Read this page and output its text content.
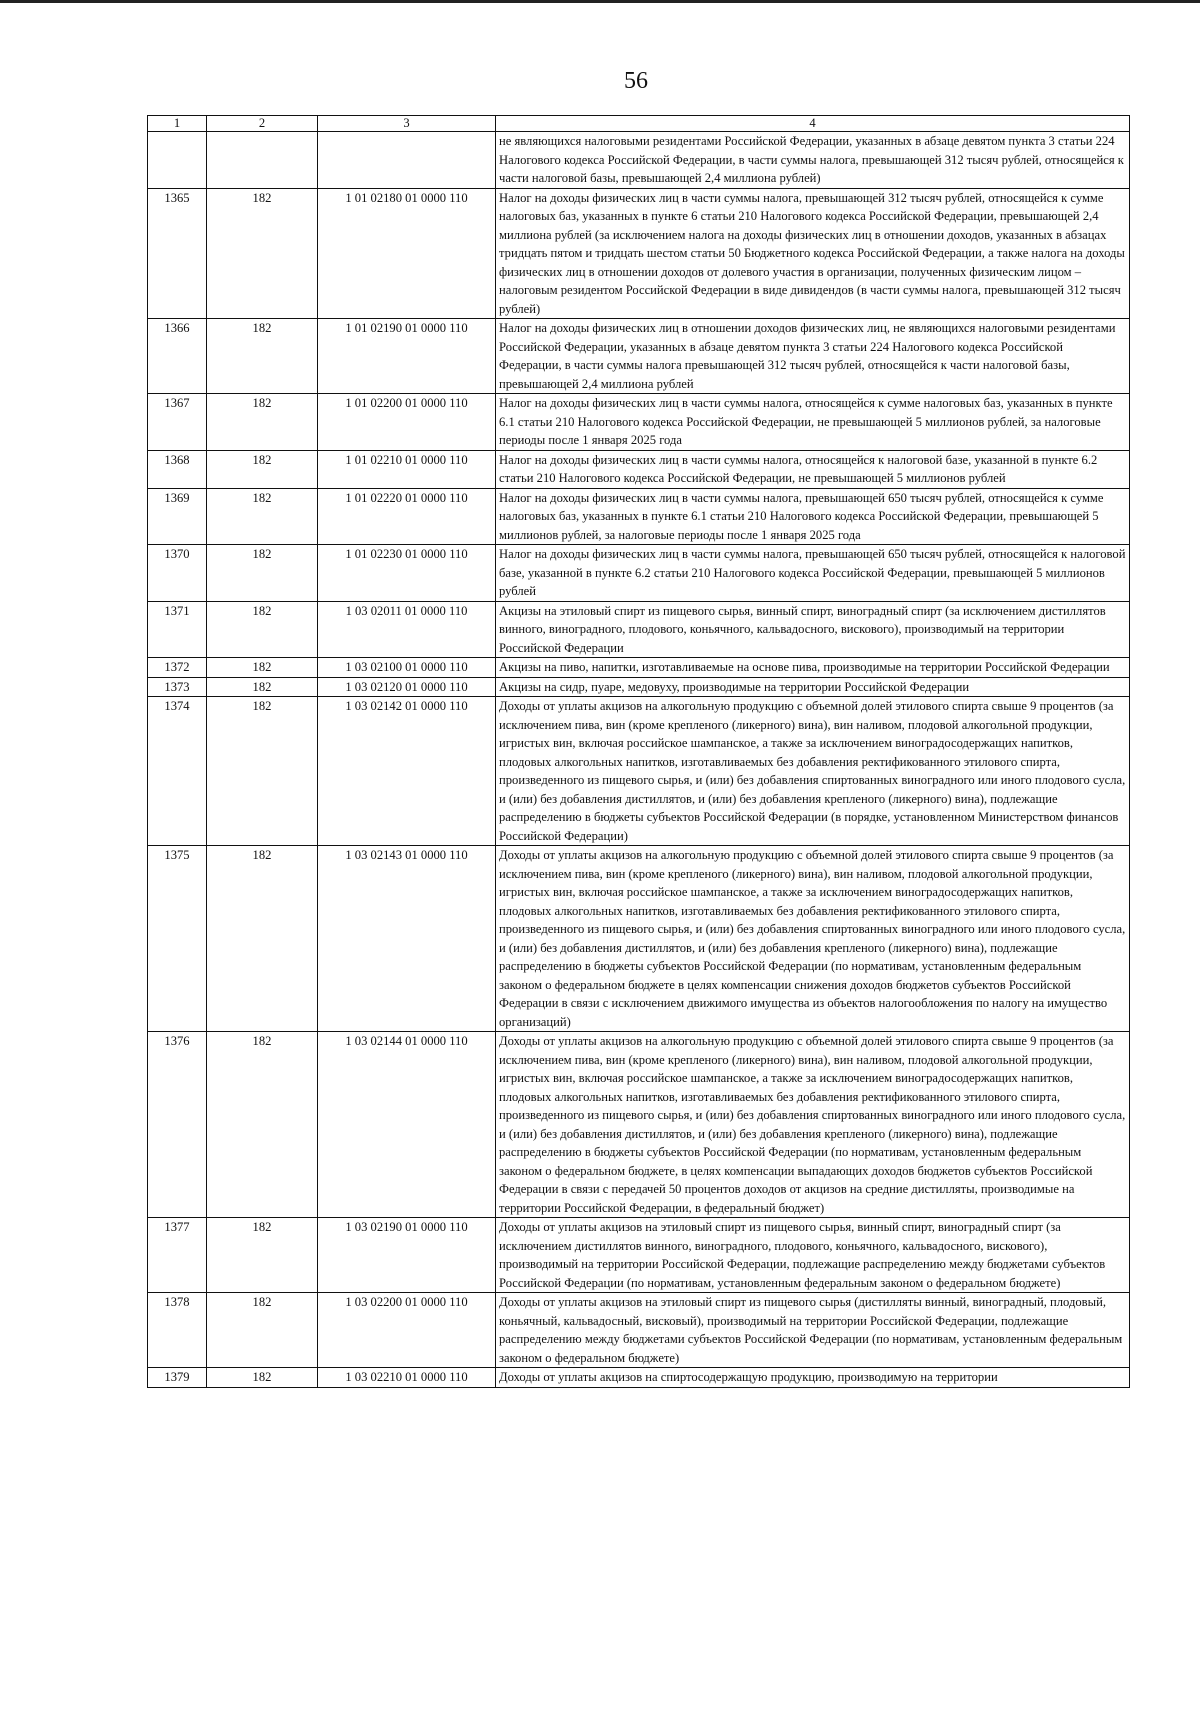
56
1	2	3	4
			не являющихся налоговыми резидентами Российской Федерации, указанных в абзаце девятом пункта 3 статьи 224 Налогового кодекса Российской Федерации, в части суммы налога, превышающей 312 тысяч рублей, относящейся к части налоговой базы, превышающей 2,4 миллиона рублей)
1365	182	1 01 02180 01 0000 110	Налог на доходы физических лиц в части суммы налога, превышающей 312 тысяч рублей, относящейся к сумме налоговых баз, указанных в пункте 6 статьи 210 Налогового кодекса Российской Федерации, превышающей 2,4 миллиона рублей (за исключением налога на доходы физических лиц в отношении доходов, указанных в абзацах тридцать пятом и тридцать шестом статьи 50 Бюджетного кодекса Российской Федерации, а также налога на доходы физических лиц в отношении доходов от долевого участия в организации, полученных физическим лицом – налоговым резидентом Российской Федерации в виде дивидендов (в части суммы налога, превышающей 312 тысяч рублей)
1366	182	1 01 02190 01 0000 110	Налог на доходы физических лиц в отношении доходов физических лиц, не являющихся налоговыми резидентами Российской Федерации, указанных в абзаце девятом пункта 3 статьи 224 Налогового кодекса Российской Федерации, в части суммы налога превышающей 312 тысяч рублей, относящейся к части налоговой базы, превышающей 2,4 миллиона рублей
1367	182	1 01 02200 01 0000 110	Налог на доходы физических лиц в части суммы налога, относящейся к сумме налоговых баз, указанных в пункте 6.1 статьи 210 Налогового кодекса Российской Федерации, не превышающей 5 миллионов рублей, за налоговые периоды после 1 января 2025 года
1368	182	1 01 02210 01 0000 110	Налог на доходы физических лиц в части суммы налога, относящейся к налоговой базе, указанной в пункте 6.2 статьи 210 Налогового кодекса Российской Федерации, не превышающей 5 миллионов рублей
1369	182	1 01 02220 01 0000 110	Налог на доходы физических лиц в части суммы налога, превышающей 650 тысяч рублей, относящейся к сумме налоговых баз, указанных в пункте 6.1 статьи 210 Налогового кодекса Российской Федерации, превышающей 5 миллионов рублей, за налоговые периоды после 1 января 2025 года
1370	182	1 01 02230 01 0000 110	Налог на доходы физических лиц в части суммы налога, превышающей 650 тысяч рублей, относящейся к налоговой базе, указанной в пункте 6.2 статьи 210 Налогового кодекса Российской Федерации, превышающей 5 миллионов рублей
1371	182	1 03 02011 01 0000 110	Акцизы на этиловый спирт из пищевого сырья, винный спирт, виноградный спирт (за исключением дистиллятов винного, виноградного, плодового, коньячного, кальвадосного, вискового), производимый на территории Российской Федерации
1372	182	1 03 02100 01 0000 110	Акцизы на пиво, напитки, изготавливаемые на основе пива, производимые на территории Российской Федерации
1373	182	1 03 02120 01 0000 110	Акцизы на сидр, пуаре, медовуху, производимые на территории Российской Федерации
1374	182	1 03 02142 01 0000 110	Доходы от уплаты акцизов на алкогольную продукцию с объемной долей этилового спирта свыше 9 процентов (за исключением пива, вин (кроме крепленого (ликерного) вина), вин наливом, плодовой алкогольной продукции, игристых вин, включая российское шампанское, а также за исключением виноградосодержащих напитков, плодовых алкогольных напитков, изготавливаемых без добавления ректификованного этилового спирта, произведенного из пищевого сырья, и (или) без добавления спиртованных виноградного или иного плодового сусла, и (или) без добавления дистиллятов, и (или) без добавления крепленого (ликерного) вина), подлежащие распределению в бюджеты субъектов Российской Федерации (в порядке, установленном Министерством финансов Российской Федерации)
1375	182	1 03 02143 01 0000 110	Доходы от уплаты акцизов на алкогольную продукцию с объемной долей этилового спирта свыше 9 процентов (за исключением пива, вин (кроме крепленого (ликерного) вина), вин наливом, плодовой алкогольной продукции, игристых вин, включая российское шампанское, а также за исключением виноградосодержащих напитков, плодовых алкогольных напитков, изготавливаемых без добавления ректификованного этилового спирта, произведенного из пищевого сырья, и (или) без добавления спиртованных виноградного или иного плодового сусла, и (или) без добавления дистиллятов, и (или) без добавления крепленого (ликерного) вина), подлежащие распределению в бюджеты субъектов Российской Федерации (по нормативам, установленным федеральным законом о федеральном бюджете в целях компенсации снижения доходов бюджетов субъектов Российской Федерации в связи с исключением движимого имущества из объектов налогообложения по налогу на имущество организаций)
1376	182	1 03 02144 01 0000 110	Доходы от уплаты акцизов на алкогольную продукцию с объемной долей этилового спирта свыше 9 процентов (за исключением пива, вин (кроме крепленого (ликерного) вина), вин наливом, плодовой алкогольной продукции, игристых вин, включая российское шампанское, а также за исключением виноградосодержащих напитков, плодовых алкогольных напитков, изготавливаемых без добавления ректификованного этилового спирта, произведенного из пищевого сырья, и (или) без добавления спиртованных виноградного или иного плодового сусла, и (или) без добавления дистиллятов, и (или) без добавления крепленого (ликерного) вина), подлежащие распределению в бюджеты субъектов Российской Федерации (по нормативам, установленным федеральным законом о федеральном бюджете, в целях компенсации выпадающих доходов бюджетов субъектов Российской Федерации в связи с передачей 50 процентов доходов от акцизов на средние дистилляты, производимые на территории Российской Федерации, в федеральный бюджет)
1377	182	1 03 02190 01 0000 110	Доходы от уплаты акцизов на этиловый спирт из пищевого сырья, винный спирт, виноградный спирт (за исключением дистиллятов винного, виноградного, плодового, коньячного, кальвадосного, вискового), производимый на территории Российской Федерации, подлежащие распределению между бюджетами субъектов Российской Федерации (по нормативам, установленным федеральным законом о федеральном бюджете)
1378	182	1 03 02200 01 0000 110	Доходы от уплаты акцизов на этиловый спирт из пищевого сырья (дистилляты винный, виноградный, плодовый, коньячный, кальвадосный, висковый), производимый на территории Российской Федерации, подлежащие распределению между бюджетами субъектов Российской Федерации (по нормативам, установленным федеральным законом о федеральном бюджете)
1379	182	1 03 02210 01 0000 110	Доходы от уплаты акцизов на спиртосодержащую продукцию, производимую на территории
